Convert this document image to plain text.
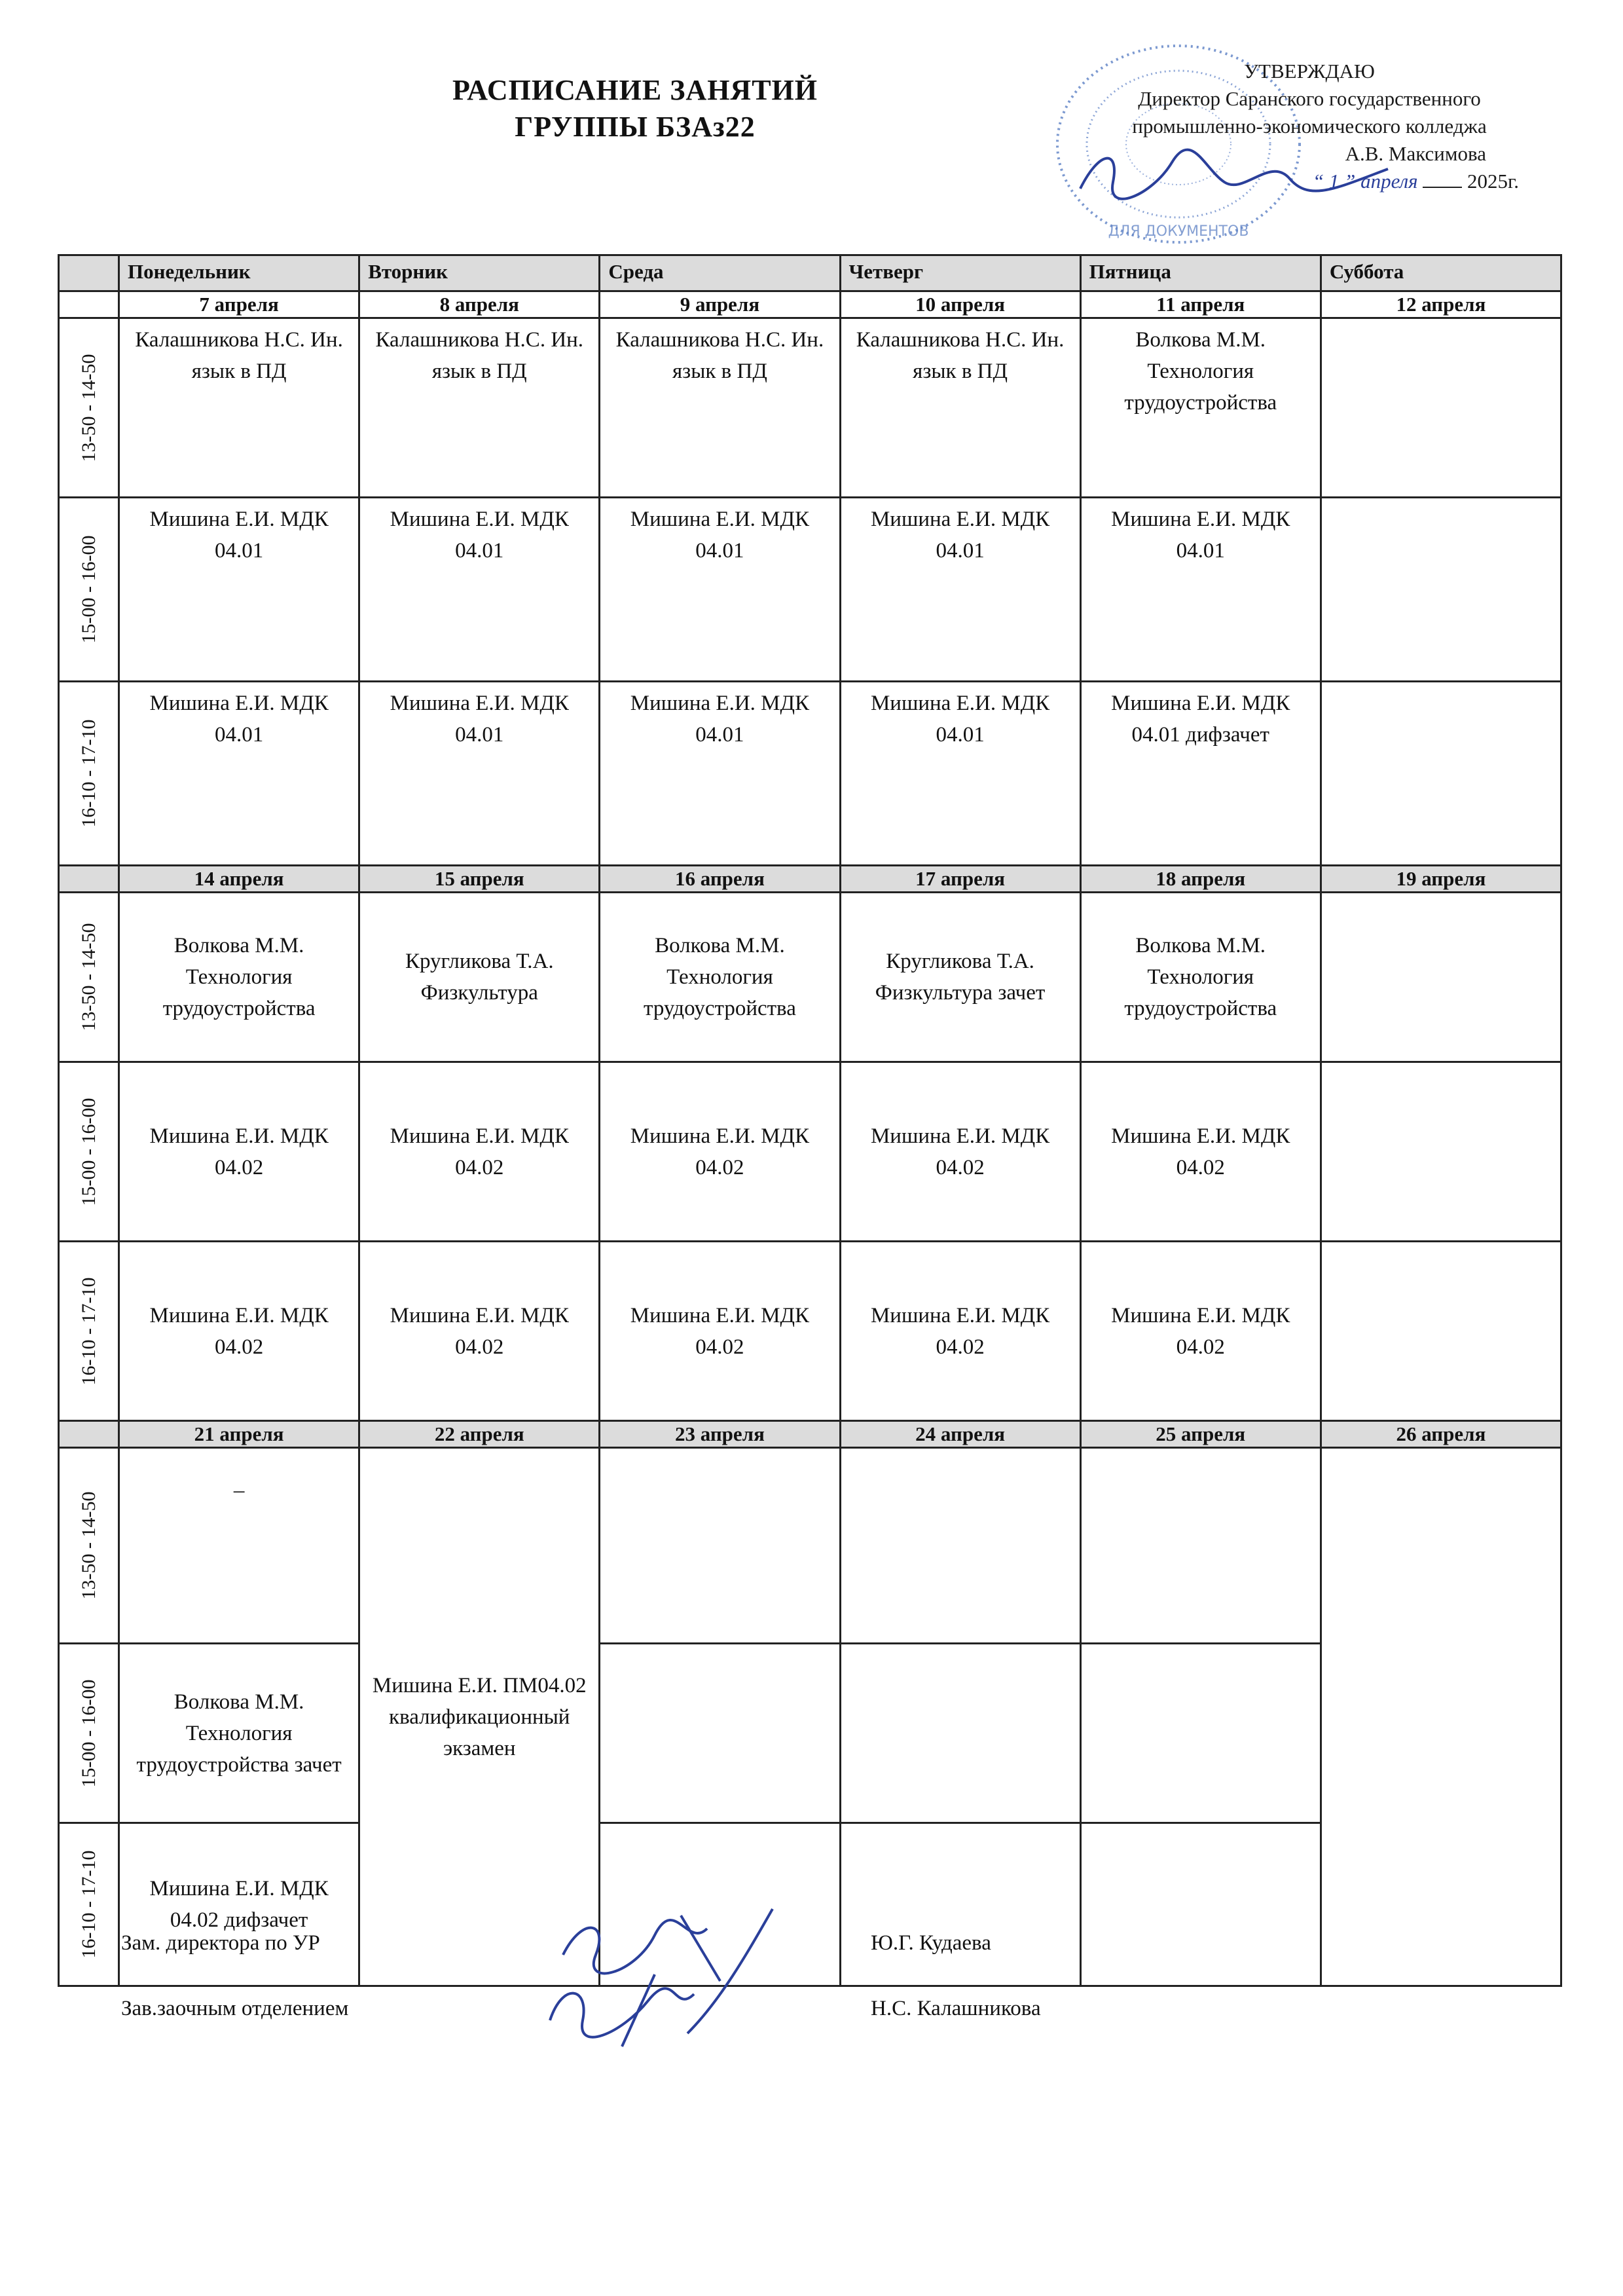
РАСПИСАНИЕ ЗАНЯТИЙ
ГРУППЫ БЗАз22
ДЛЯ ДОКУМЕНТОВ
УТВЕРЖДАЮ
Директор Саранского государственного
промышленно-экономического колледжа
А.В. Максимова
“ 1 ” апреля 2025г.
	Понедельник	Вторник	Среда	Четверг	Пятница	Суббота
	7 апреля	8 апреля	9 апреля	10 апреля	11 апреля	12 апреля

13-50 - 14-50	Калашникова Н.С. Ин. язык в ПД	Калашникова Н.С. Ин. язык в ПД	Калашникова Н.С. Ин. язык в ПД	Калашникова Н.С. Ин. язык в ПД	Волкова М.М. Технология трудоустройства	

15-00 - 16-00	Мишина Е.И. МДК 04.01	Мишина Е.И. МДК 04.01	Мишина Е.И. МДК 04.01	Мишина Е.И. МДК 04.01	Мишина Е.И. МДК 04.01	

16-10 - 17-10	Мишина Е.И. МДК 04.01	Мишина Е.И. МДК 04.01	Мишина Е.И. МДК 04.01	Мишина Е.И. МДК 04.01	Мишина Е.И. МДК 04.01 дифзачет	
	14 апреля	15 апреля	16 апреля	17 апреля	18 апреля	19 апреля

13-50 - 14-50	Волкова М.М. Технология трудоустройства	Кругликова Т.А. Физкультура	Волкова М.М. Технология трудоустройства	Кругликова Т.А. Физкультура зачет	Волкова М.М. Технология трудоустройства	

15-00 - 16-00	Мишина Е.И. МДК 04.02	Мишина Е.И. МДК 04.02	Мишина Е.И. МДК 04.02	Мишина Е.И. МДК 04.02	Мишина Е.И. МДК 04.02	

16-10 - 17-10	Мишина Е.И. МДК 04.02	Мишина Е.И. МДК 04.02	Мишина Е.И. МДК 04.02	Мишина Е.И. МДК 04.02	Мишина Е.И. МДК 04.02	
	21 апреля	22 апреля	23 апреля	24 апреля	25 апреля	26 апреля

13-50 - 14-50	–	Мишина Е.И. ПМ04.02 квалификационный экзамен				

15-00 - 16-00	Волкова М.М. Технология трудоустройства зачет					

16-10 - 17-10	Мишина Е.И. МДК 04.02 дифзачет					
Зам. директора по УР	Ю.Г. Кудаева
Зав.заочным отделением	Н.С. Калашникова
